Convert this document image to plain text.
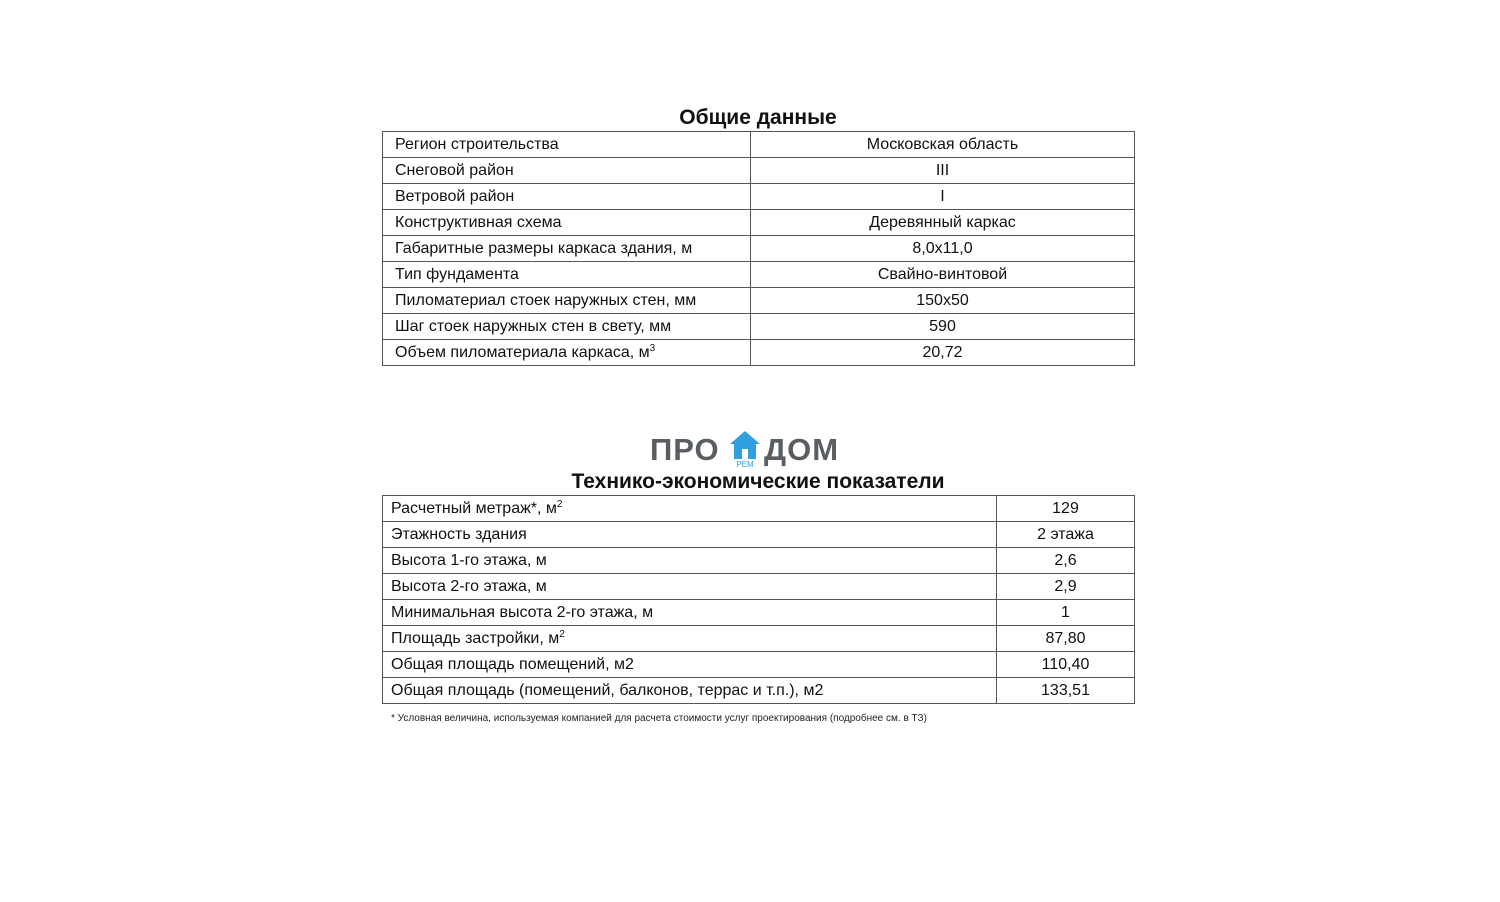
Общие данные
Регион строительства	Московская область
Снеговой район	III
Ветровой район	I
Конструктивная схема	Деревянный каркас
Габаритные размеры каркаса здания, м	8,0х11,0
Тип фундамента	Свайно-винтовой
Пиломатериал стоек наружных стен, мм	150х50
Шаг стоек наружных стен в свету, мм	590
Объем пиломатериала каркаса, $м^3$	20,72
ПРО	РЕМ ДОМ
Технико-экономические показатели
Расчетный метраж*, $м^2$	129
Этажность здания	2 этажа
Высота 1-го этажа, м	2,6
Высота 2-го этажа, м	2,9
Минимальная высота 2-го этажа, м	1
Площадь застройки, $м^2$	87,80
Общая площадь помещений, м2	110,40
Общая площадь (помещений, балконов, террас и т.п.), м2	133,51
* Условная величина, используемая компанией для расчета стоимости услуг проектирования (подробнее см. в ТЗ)
